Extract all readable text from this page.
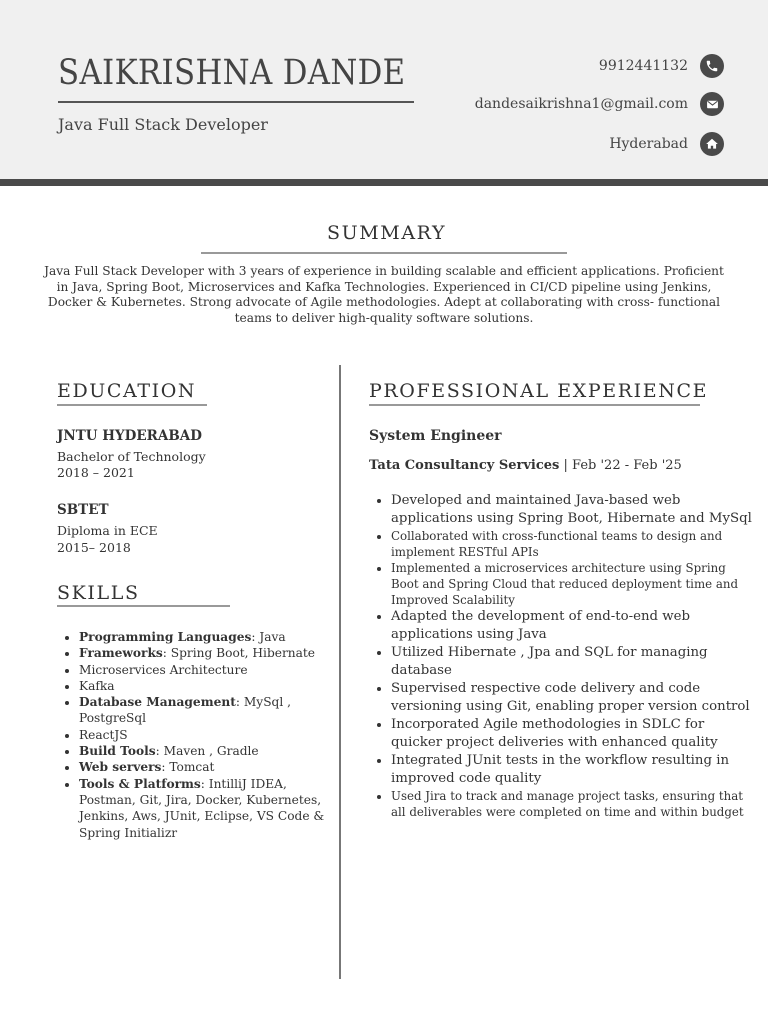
SAIKRISHNA DANDE
Java Full Stack Developer
9912441132
dandesaikrishna1@gmail.com
Hyderabad
SUMMARY
Java Full Stack Developer with 3 years of experience in building scalable and efficient applications. Proficient in Java, Spring Boot, Microservices and Kafka Technologies. Experienced in CI/CD pipeline using Jenkins, Docker & Kubernetes. Strong advocate of Agile methodologies. Adept at collaborating with cross- functional teams to deliver high-quality software solutions.
EDUCATION
JNTU HYDERABAD
Bachelor of Technology
2018 – 2021
SBTET
Diploma in ECE
2015– 2018
SKILLS
• Programming Languages: Java
• Frameworks: Spring Boot, Hibernate
• Microservices Architecture
• Kafka
• Database Management: MySql , PostgreSql
• ReactJS
• Build Tools: Maven , Gradle
• Web servers: Tomcat
• Tools & Platforms: IntilliJ IDEA, Postman, Git, Jira, Docker, Kubernetes, Jenkins, Aws, JUnit, Eclipse, VS Code & Spring Initializr
PROFESSIONAL EXPERIENCE
System Engineer
Tata Consultancy Services | Feb '22 - Feb '25
• Developed and maintained Java-based web applications using Spring Boot, Hibernate and MySql
• Collaborated with cross-functional teams to design and implement RESTful APIs
• Implemented a microservices architecture using Spring Boot and Spring Cloud that reduced deployment time and Improved Scalability
• Adapted the development of end-to-end web applications using Java
• Utilized Hibernate , Jpa and SQL for managing database
• Supervised respective code delivery and code versioning using Git, enabling proper version control
• Incorporated Agile methodologies in SDLC for quicker project deliveries with enhanced quality
• Integrated JUnit tests in the workflow resulting in improved code quality
• Used Jira to track and manage project tasks, ensuring that all deliverables were completed on time and within budget
